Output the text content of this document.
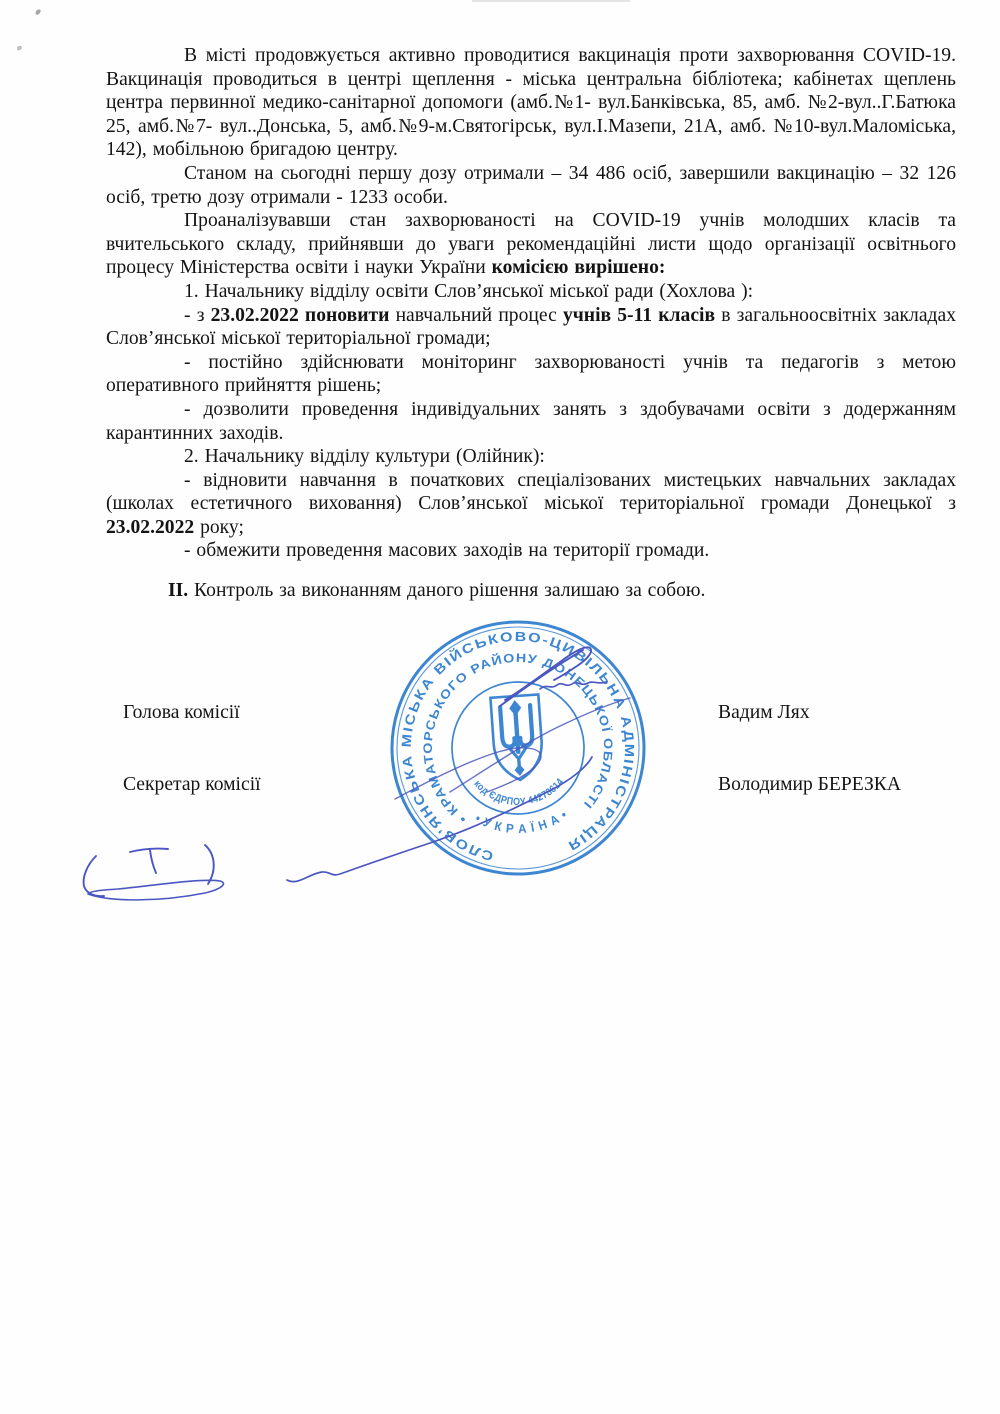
В місті продовжується активно проводитися вакцинація проти захворювання COVID-19. Вакцинація проводиться в центрі щеплення - міська центральна бібліотека; кабінетах щеплень центра первинної медико-санітарної допомоги (амб.№1- вул.Банківська, 85, амб. №2-вул..Г.Батюка 25, амб.№7- вул..Донська, 5, амб.№9-м.Святогірськ, вул.І.Мазепи, 21А, амб. №10-вул.Маломіська, 142), мобільною бригадою центру.

Станом на сьогодні першу дозу отримали – 34 486 осіб, завершили вакцинацію – 32 126 осіб, третю дозу отримали - 1233 особи.

Проаналізувавши стан захворюваності на COVID-19 учнів молодших класів та вчительського складу, прийнявши до уваги рекомендаційні листи щодо організації освітнього процесу Міністерства освіти і науки України комісією вирішено:

1. Начальнику відділу освіти Слов’янської міської ради (Хохлова ):

- з 23.02.2022 поновити навчальний процес учнів 5-11 класів в загальноосвітніх закладах Слов’янської міської територіальної громади;

- постійно здійснювати моніторинг захворюваності учнів та педагогів з метою оперативного прийняття рішень;

- дозволити проведення індивідуальних занять з здобувачами освіти з додержанням карантинних заходів.

2. Начальнику відділу культури (Олійник):

- відновити навчання в початкових спеціалізованих мистецьких навчальних закладах (школах естетичного виховання) Слов’янської міської територіальної громади Донецької з 23.02.2022 року;

- обмежити проведення масових заходів на території громади.

II. Контроль за виконанням даного рішення залишаю за собою.

Голова комісії	Вадим Лях
Секретар комісії	Володимир БЕРЕЗКА
СЛОВ’ЯНСЬКА МІСЬКА ВІЙСЬКОВО-ЦИВІЛЬНА АДМІНІСТРАЦІЯ
• КРАМАТОРСЬКОГО РАЙОНУ ДОНЕЦЬКОЇ ОБЛАСТІ
• У К Р А Ї Н А •
код ЄДРПОУ 44278614
